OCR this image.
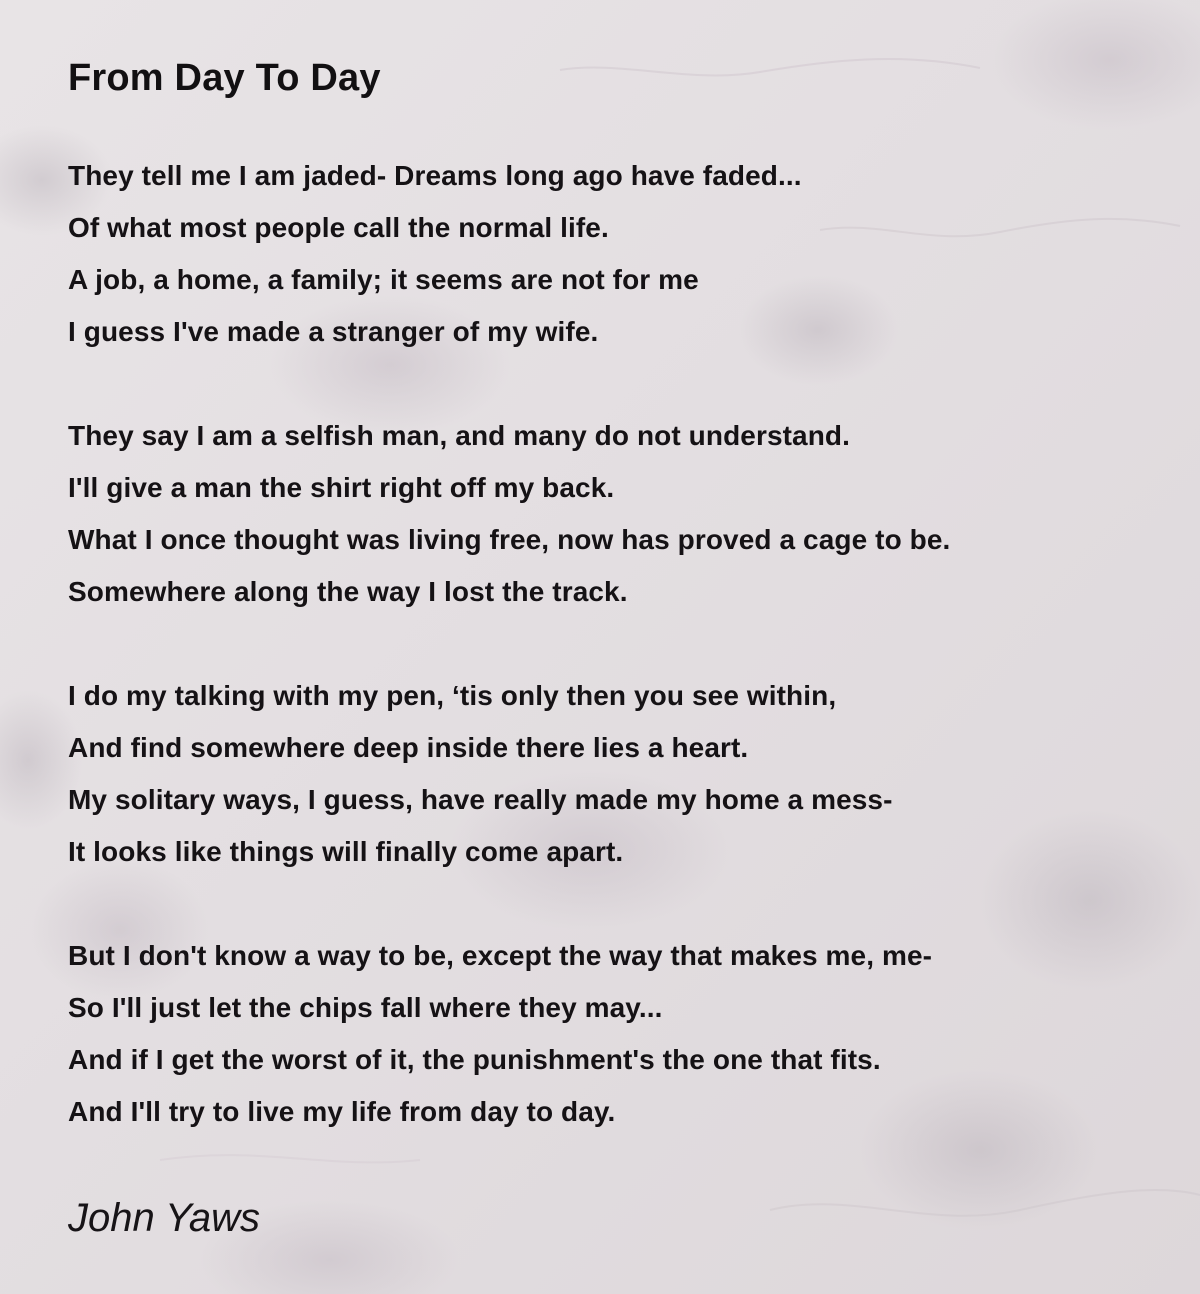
From Day To Day
They tell me I am jaded- Dreams long ago have faded...
Of what most people call the normal life.
A job, a home, a family; it seems are not for me
I guess I've made a stranger of my wife.
They say I am a selfish man, and many do not understand.
I'll give a man the shirt right off my back.
What I once thought was living free, now has proved a cage to be.
Somewhere along the way I lost the track.
I do my talking with my pen, ‘tis only then you see within,
And find somewhere deep inside there lies a heart.
My solitary ways, I guess, have really made my home a mess-
It looks like things will finally come apart.
But I don't know a way to be, except the way that makes me, me-
So I'll just let the chips fall where they may...
And if I get the worst of it, the punishment's the one that fits.
And I'll try to live my life from day to day.
John Yaws
